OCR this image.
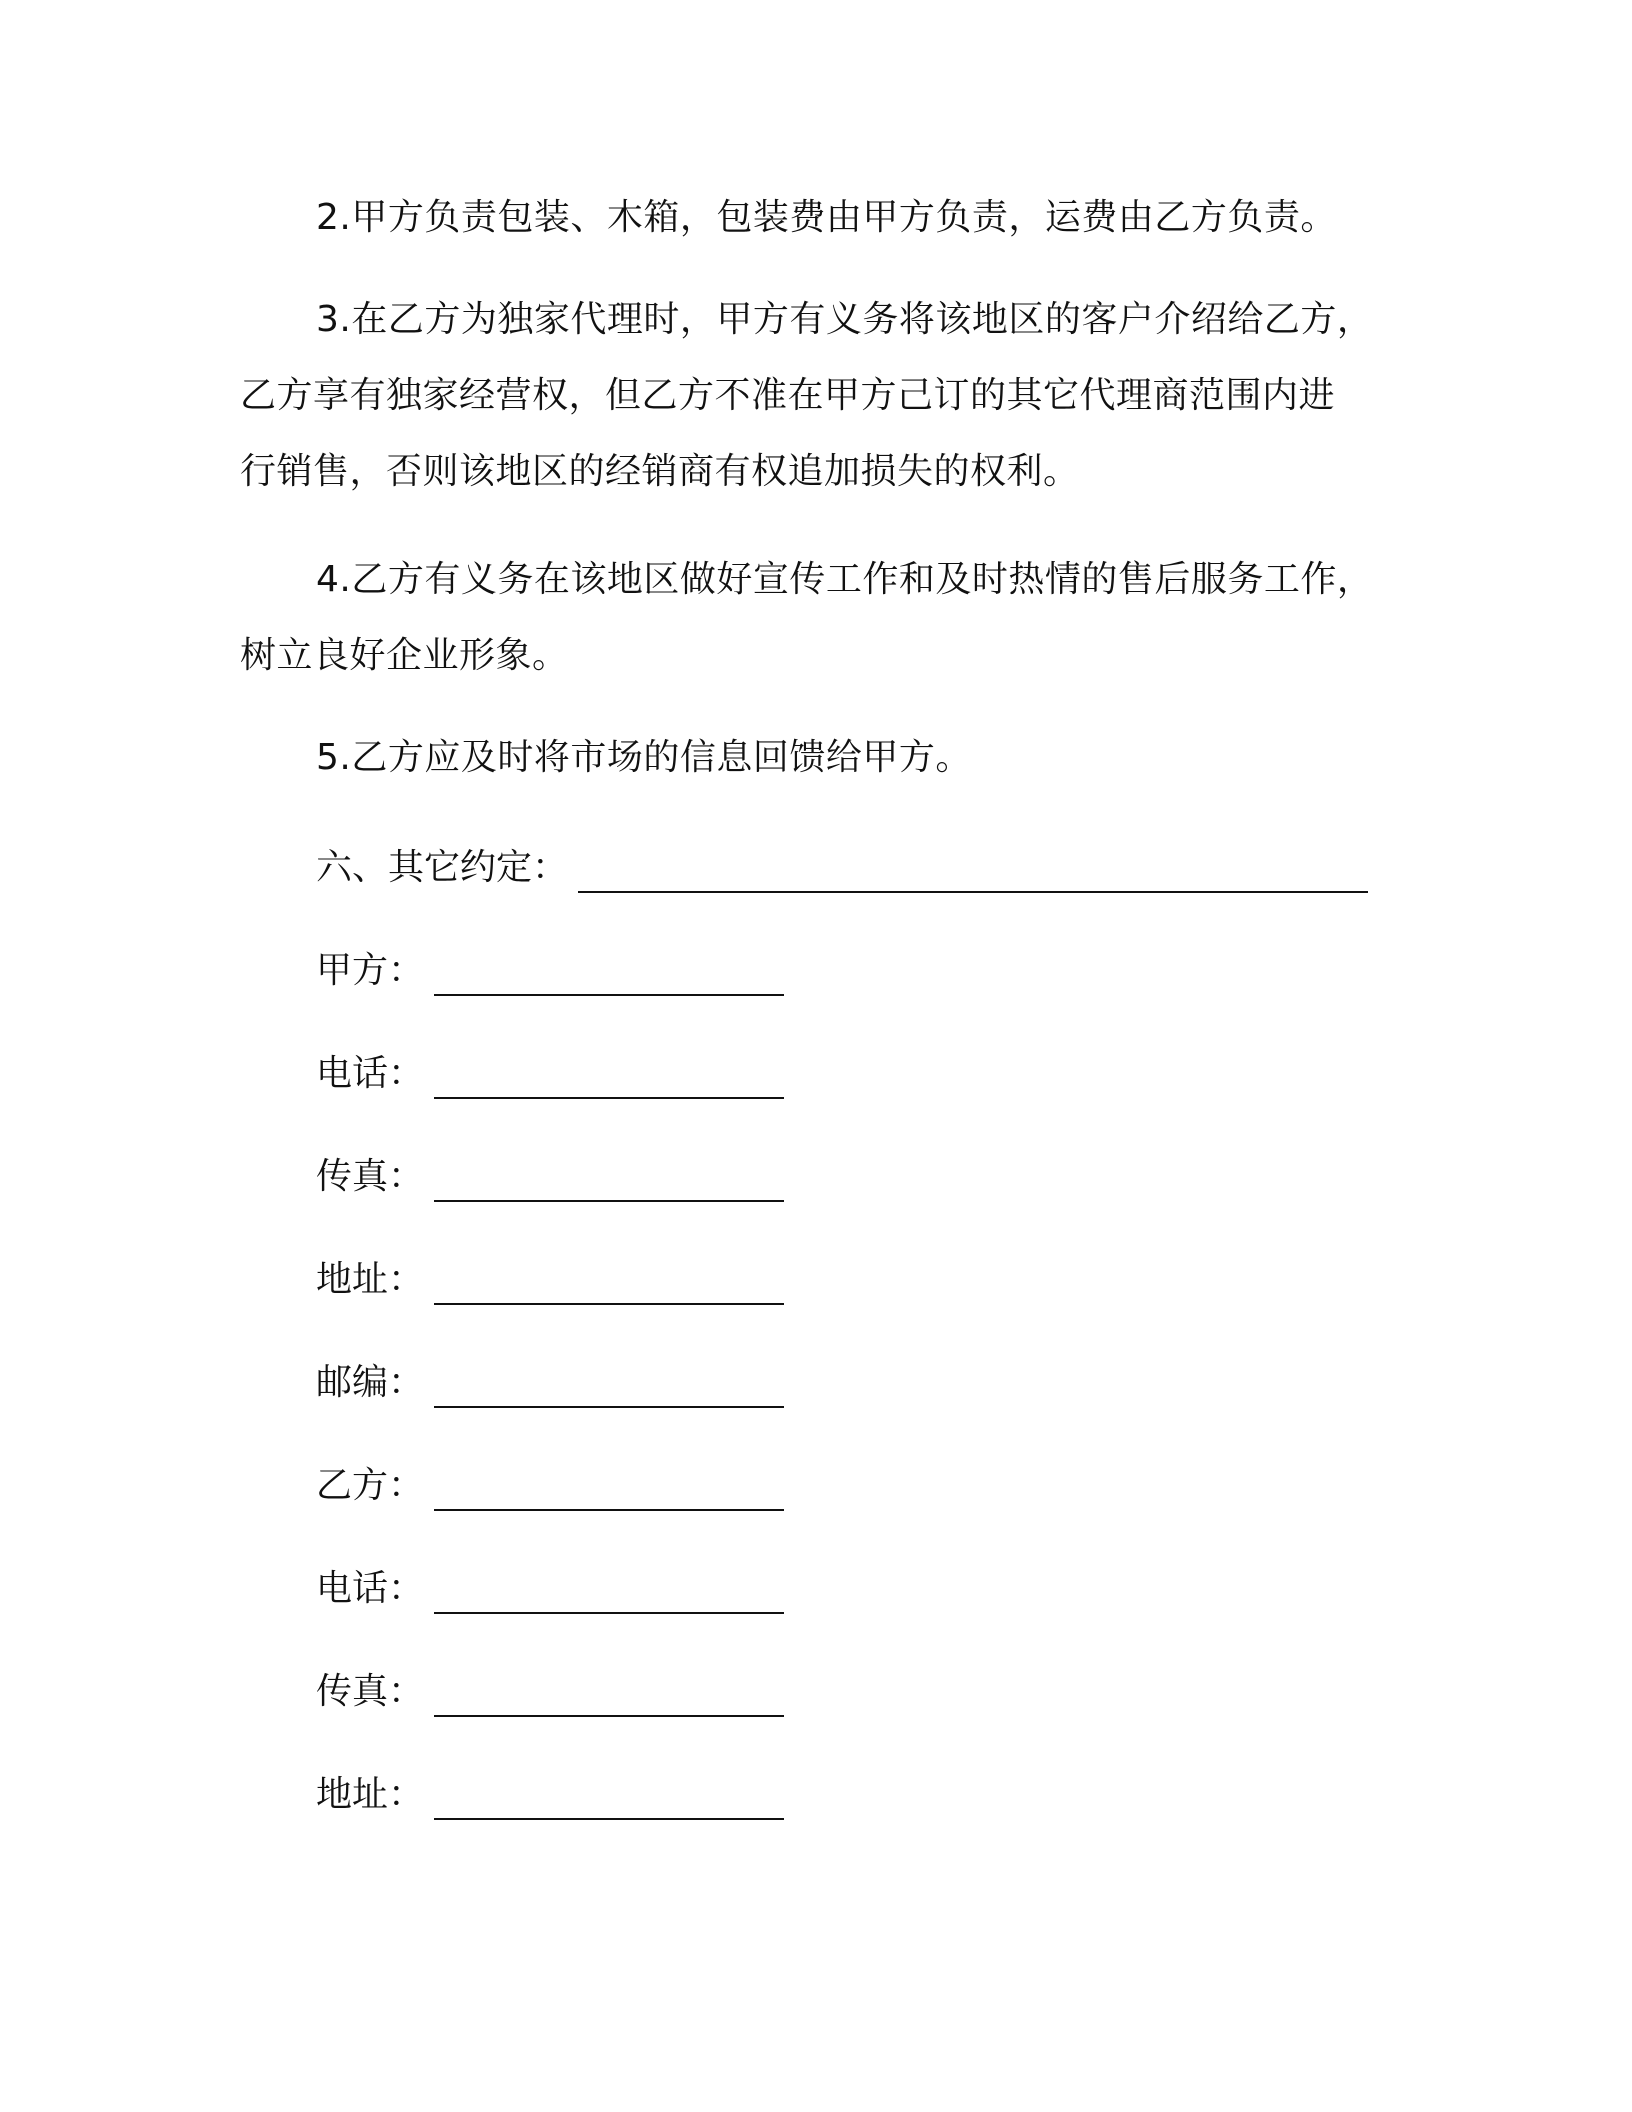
2.甲方负责包装、木箱，包装费由甲方负责，运费由乙方负责。

3.在乙方为独家代理时，甲方有义务将该地区的客户介绍给乙方，
乙方享有独家经营权，但乙方不准在甲方己订的其它代理商范围内进
行销售，否则该地区的经销商有权追加损失的权利。

4.乙方有义务在该地区做好宣传工作和及时热情的售后服务工作，
树立良好企业形象。

5.乙方应及时将市场的信息回馈给甲方。

六、其它约定：
甲方：
电话：
传真：
地址：
邮编：
乙方：
电话：
传真：
地址：
